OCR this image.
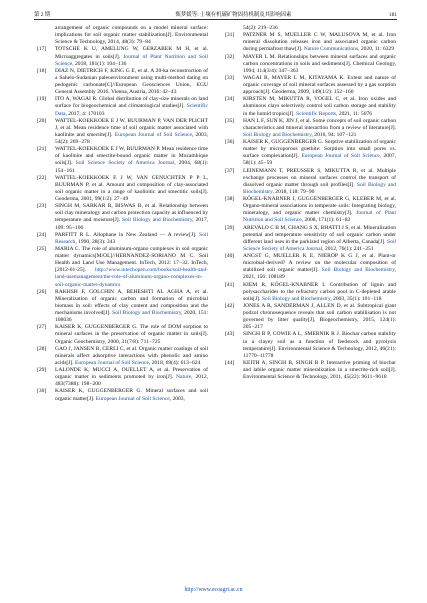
第 2 期	甄梦媛等: 土壤有机碳矿物固持机制及其影响因素	181
arrangement of organic compounds on a model mineral surface: implications for soil organic matter stabilization[J]. Environmental Science & Technology, 2014, 48(3): 79−84
[17]	TOTSCHE K U, AMELUNG W, GERZABEK M H, et al. Microaggregates in soils[J]. Journal of Plant Nutrition and Soil Science, 2018, 181(1): 104−136
[18]	DIAZ N, DIETRICH F, KING G E, et al. A 20-ka reconstruction of a Sahelo-Sudanian paleoenvironment using multi-method dating on pedogenic carbonate[C]//European Geosciences Union, EGU General Assembly 2016. Vienna, Austria, 2016: 42−43
[19]	ITO A, WAGAI R. Global distribution of clay-size minerals on land surface for biogeochemical and climatological studies[J]. Scientific Data, 2017, 4: 170103
[20]	WATTEL-KOEKKOEK E J W, BUURMAN P, VAN DER PLICHT J, et al. Mean residence time of soil organic matter associated with kaolinite and smectite[J]. European Journal of Soil Science, 2003, 54(2): 269−278
[21]	WATTEL-KOEKKOEK E J W, BUURMAN P. Mean residence time of kaolinite and smectite-bound organic matter in Mozambique soils[J]. Soil Science Society of America Journal, 2004, 68(1): 154−161
[22]	WATTEL-KOEKKOEK E J W, VAN GENUCHTEN P P L, BUURMAN P, et al. Amount and composition of clay-associated soil organic matter in a range of kaolinitic and smectitic soils[J]. Geoderma, 2001, 99(1/2): 27−49
[23]	SINGH M, SARKAR B, BISWAS B, et al. Relationship between soil clay mineralogy and carbon protection capacity as influenced by temperature and moisture[J]. Soil Biology and Biochemistry, 2017, 109: 95−106
[24]	PARFITT R L. Allophane in New Zealand — A review[J]. Soil Research, 1990, 28(3): 343
[25]	MARIA C. The role of aluminum-organo complexes in soil organic matter dynamics[M/OL]//HERNANDEZ-SORIANO M C. Soil Health and Land Use Management. InTech, 2012: 17−32. InTech, [2012-01-25]. http://www.intechopen.com/books/soil-health-and-land-usemanagement/the-role-of-aluminum-organo-complexes-in-soil-organic-matter-dynamics
[26]	RAKHSH F, GOLCHIN A, BEHESHTI AL AGHA A, et al. Mineralization of organic carbon and formation of microbial biomass in soil: effects of clay content and composition and the mechanisms involved[J]. Soil Biology and Biochemistry, 2020, 151: 108036
[27]	KAISER K, GUGGENBERGER G. The role of DOM sorption to mineral surfaces in the preservation of organic matter in soils[J]. Organic Geochemistry, 2000, 31(7/8): 711−725
[28]	GAO J, JANSEN B, CERLI C, et al. Organic matter coatings of soil minerals affect adsorptive interactions with phenolic and amino acids[J]. European Journal of Soil Science, 2018, 69(4): 613−624
[29]	LALONDE K, MUCCI A, OUELLET A, et al. Preservation of organic matter in sediments promoted by iron[J]. Nature, 2012, 483(7388): 198−200
[30]	KAISER K, GUGGENBERGER G. Mineral surfaces and soil organic matter[J]. European Journal of Soil Science, 2003,
54(2): 219−236
[31]	PATZNER M S, MUELLER C W, MALUSOVA M, et al. Iron mineral dissolution releases iron and associated organic carbon during permafrost thaw[J]. Nature Communications, 2020, 11: 6329
[32]	MAYER L M. Relationships between mineral surfaces and organic carbon concentrations in soils and sediments[J]. Chemical Geology, 1994, 114(3/4): 347−363
[33]	WAGAI R, MAYER L M, KITAYAMA K. Extent and nature of organic coverage of soil mineral surfaces assessed by a gas sorption approach[J]. Geoderma, 2009, 149(1/2): 152−160
[34]	KIRSTEN M, MIKUTTA R, VOGEL C, et al. Iron oxides and aluminous clays selectively control soil carbon storage and stability in the humid tropics[J]. Scientific Reports, 2021, 11: 5076
[35]	HAN L F, SUN K, JIN J, et al. Some concepts of soil organic carbon characteristics and mineral interaction from a review of literature[J]. Soil Biology and Biochemistry, 2016, 94: 107−121
[36]	KAISER K, GUGGENBERGER G. Sorptive stabilization of organic matter by microporous goethite: Sorption into small pores vs. surface complexation[J]. European Journal of Soil Science, 2007, 58(1): 45−59
[37]	LEINEMANN T, PREUSSER S, MIKUTTA R, et al. Multiple exchange processes on mineral surfaces control the transport of dissolved organic matter through soil profiles[J]. Soil Biology and Biochemistry, 2018, 118: 79−90
[38]	KÖGEL-KNABNER I, GUGGENBERGER G, KLEBER M, et al. Organo-mineral associations in temperate soils: Integrating biology, mineralogy, and organic matter chemistry[J]. Journal of Plant Nutrition and Soil Science, 2008, 171(1): 61−82
[39]	AREVALO C B M, CHANG S X, BHATTI J S, et al. Mineralization potential and temperature sensitivity of soil organic carbon under different land uses in the parkland region of Alberta, Canada[J]. Soil Science Society of America Journal, 2012, 76(1): 241−251
[40]	ANGST G, MUELLER K E, NIEROP K G J, et al. Plant-or microbial-derived? A review on the molecular composition of stabilized soil organic matter[J]. Soil Biology and Biochemistry, 2021, 156: 108189
[41]	KIEM R, KÖGEL-KNABNER I. Contribution of lignin and polysaccharides to the refractory carbon pool in C-depleted arable soils[J]. Soil Biology and Biochemistry, 2003, 35(1): 101−118
[42]	JONES A R, SANDERMAN J, ALLEN D, et al. Subtropical giant podzol chronosequence reveals that soil carbon stabilisation is not governed by litter quality[J]. Biogeochemistry, 2015, 124(1): 205−217
[43]	SINGH B P, COWIE A L, SMERNIK R J. Biochar carbon stability in a clayey soil as a function of feedstock and pyrolysis temperature[J]. Environmental Science & Technology, 2012, 46(21): 11770−11778
[44]	KEITH A, SINGH B, SINGH B P. Interactive priming of biochar and labile organic matter mineralization in a smectite-rich soil[J]. Environmental Science & Technology, 2011, 45(22): 9611−9618
http://www.ecoagri.ac.cn
